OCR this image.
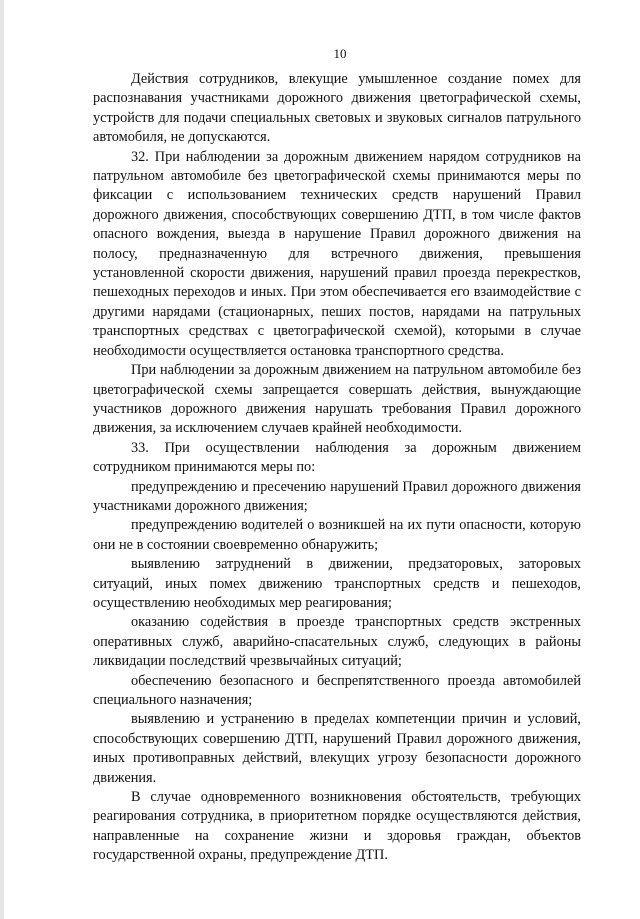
10

Действия сотрудников, влекущие умышленное создание помех для распознавания участниками дорожного движения цветографической схемы, устройств для подачи специальных световых и звуковых сигналов патрульного автомобиля, не допускаются.

32. При наблюдении за дорожным движением нарядом сотрудников на патрульном автомобиле без цветографической схемы принимаются меры по фиксации с использованием технических средств нарушений Правил дорожного движения, способствующих совершению ДТП, в том числе фактов опасного вождения, выезда в нарушение Правил дорожного движения на полосу, предназначенную для встречного движения, превышения установленной скорости движения, нарушений правил проезда перекрестков, пешеходных переходов и иных. При этом обеспечивается его взаимодействие с другими нарядами (стационарных, пеших постов, нарядами на патрульных транспортных средствах с цветографической схемой), которыми в случае необходимости осуществляется остановка транспортного средства.

При наблюдении за дорожным движением на патрульном автомобиле без цветографической схемы запрещается совершать действия, вынуждающие участников дорожного движения нарушать требования Правил дорожного движения, за исключением случаев крайней необходимости.

33. При осуществлении наблюдения за дорожным движением сотрудником принимаются меры по:

предупреждению и пресечению нарушений Правил дорожного движения участниками дорожного движения;

предупреждению водителей о возникшей на их пути опасности, которую они не в состоянии своевременно обнаружить;

выявлению затруднений в движении, предзаторовых, заторовых ситуаций, иных помех движению транспортных средств и пешеходов, осуществлению необходимых мер реагирования;

оказанию содействия в проезде транспортных средств экстренных оперативных служб, аварийно-спасательных служб, следующих в районы ликвидации последствий чрезвычайных ситуаций;

обеспечению безопасного и беспрепятственного проезда автомобилей специального назначения;

выявлению и устранению в пределах компетенции причин и условий, способствующих совершению ДТП, нарушений Правил дорожного движения, иных противоправных действий, влекущих угрозу безопасности дорожного движения.

В случае одновременного возникновения обстоятельств, требующих реагирования сотрудника, в приоритетном порядке осуществляются действия, направленные на сохранение жизни и здоровья граждан, объектов государственной охраны, предупреждение ДТП.
